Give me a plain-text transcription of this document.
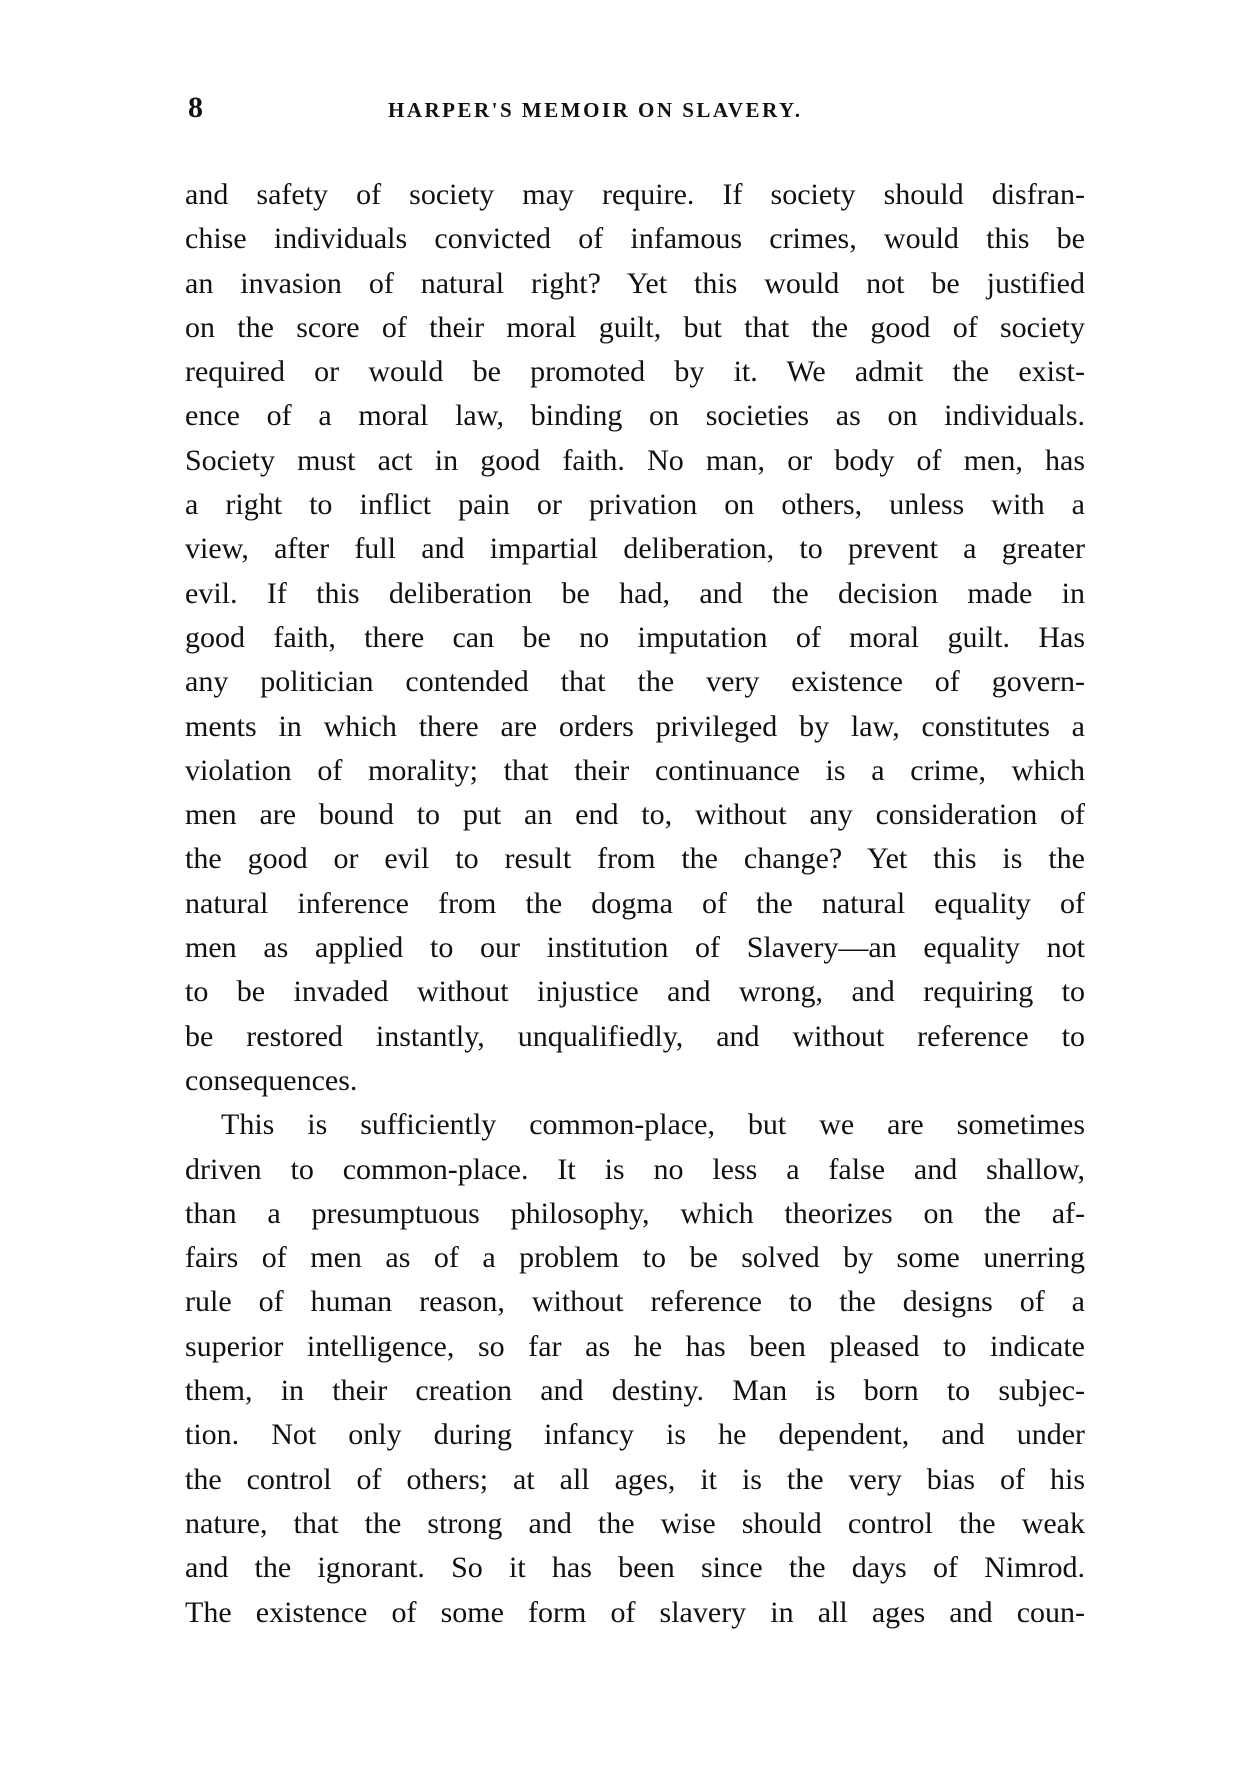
8	HARPER'S MEMOIR ON SLAVERY.
and safety of society may require. If society should disfran-
chise individuals convicted of infamous crimes, would this be
an invasion of natural right? Yet this would not be justified
on the score of their moral guilt, but that the good of society
required or would be promoted by it. We admit the exist-
ence of a moral law, binding on societies as on individuals.
Society must act in good faith. No man, or body of men, has
a right to inflict pain or privation on others, unless with a
view, after full and impartial deliberation, to prevent a greater
evil. If this deliberation be had, and the decision made in
good faith, there can be no imputation of moral guilt. Has
any politician contended that the very existence of govern-
ments in which there are orders privileged by law, constitutes a
violation of morality; that their continuance is a crime, which
men are bound to put an end to, without any consideration of
the good or evil to result from the change? Yet this is the
natural inference from the dogma of the natural equality of
men as applied to our institution of Slavery—an equality not
to be invaded without injustice and wrong, and requiring to
be restored instantly, unqualifiedly, and without reference to
consequences.
This is sufficiently common-place, but we are sometimes
driven to common-place. It is no less a false and shallow,
than a presumptuous philosophy, which theorizes on the af-
fairs of men as of a problem to be solved by some unerring
rule of human reason, without reference to the designs of a
superior intelligence, so far as he has been pleased to indicate
them, in their creation and destiny. Man is born to subjec-
tion. Not only during infancy is he dependent, and under
the control of others; at all ages, it is the very bias of his
nature, that the strong and the wise should control the weak
and the ignorant. So it has been since the days of Nimrod.
The existence of some form of slavery in all ages and coun-
